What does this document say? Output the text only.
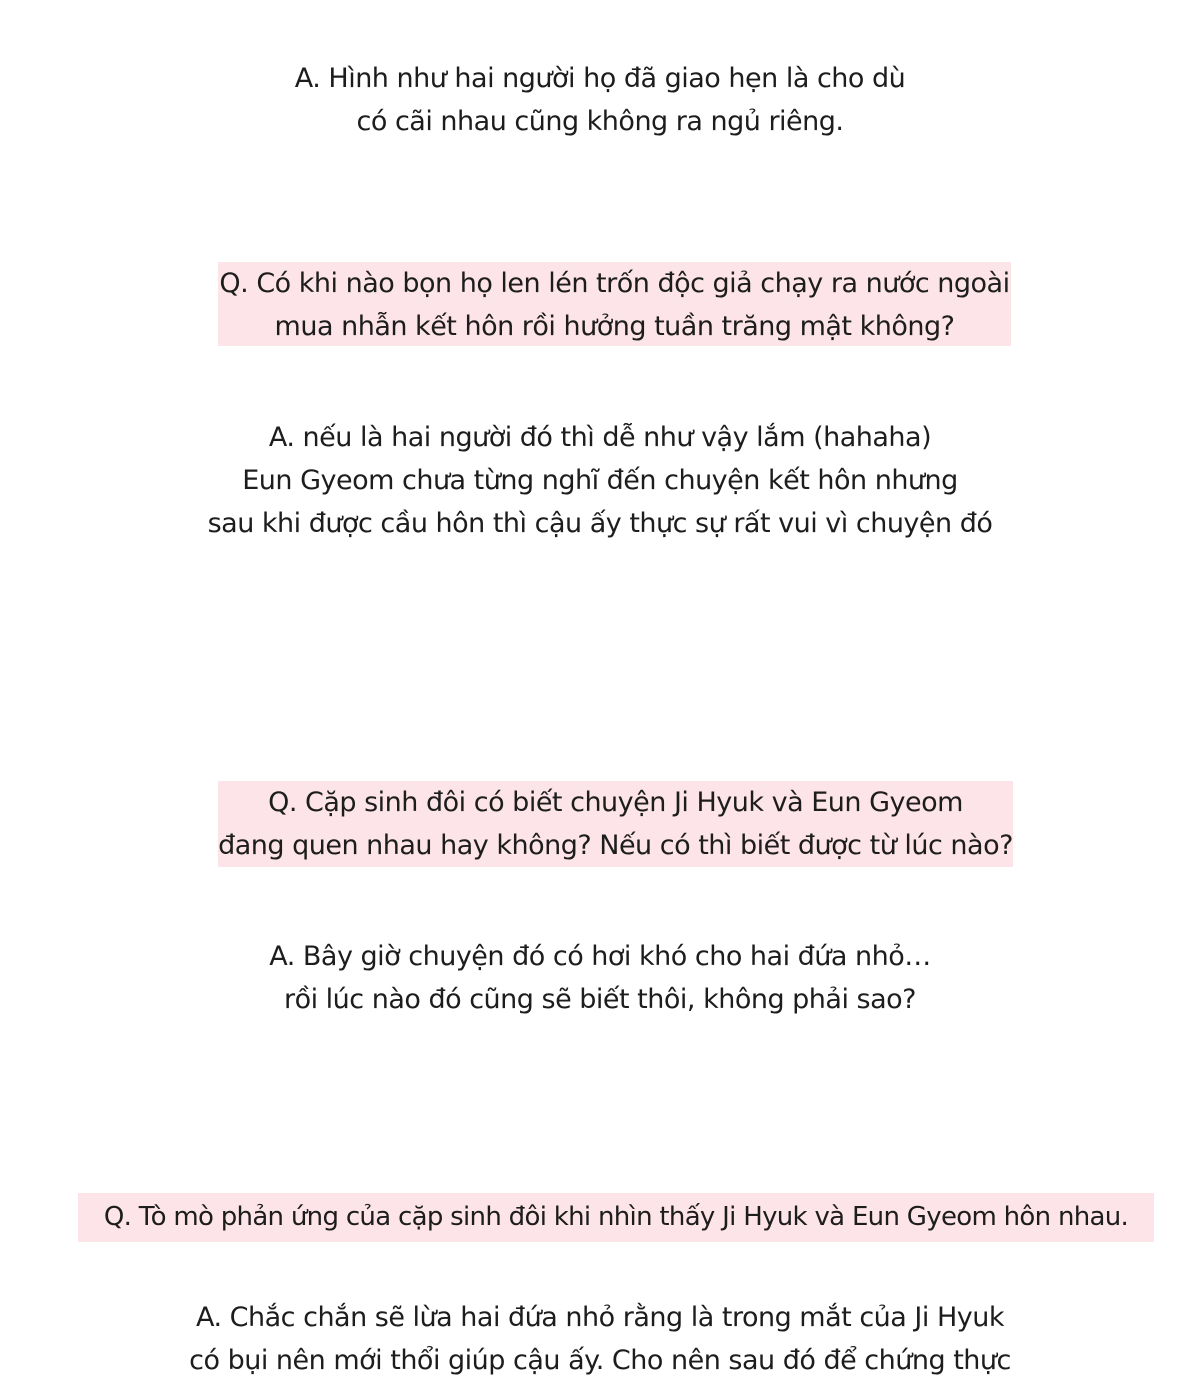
A. Hình như hai người họ đã giao hẹn là cho dù
có cãi nhau cũng không ra ngủ riêng.
Q. Có khi nào bọn họ len lén trốn độc giả chạy ra nước ngoài
mua nhẫn kết hôn rồi hưởng tuần trăng mật không?
A. nếu là hai người đó thì dễ như vậy lắm (hahaha)
Eun Gyeom chưa từng nghĩ đến chuyện kết hôn nhưng
sau khi được cầu hôn thì cậu ấy thực sự rất vui vì chuyện đó
Q. Cặp sinh đôi có biết chuyện Ji Hyuk và Eun Gyeom
đang quen nhau hay không? Nếu có thì biết được từ lúc nào?
A. Bây giờ chuyện đó có hơi khó cho hai đứa nhỏ…
rồi lúc nào đó cũng sẽ biết thôi, không phải sao?
Q. Tò mò phản ứng của cặp sinh đôi khi nhìn thấy Ji Hyuk và Eun Gyeom hôn nhau.
A. Chắc chắn sẽ lừa hai đứa nhỏ rằng là trong mắt của Ji Hyuk
có bụi nên mới thổi giúp cậu ấy. Cho nên sau đó để chứng thực
